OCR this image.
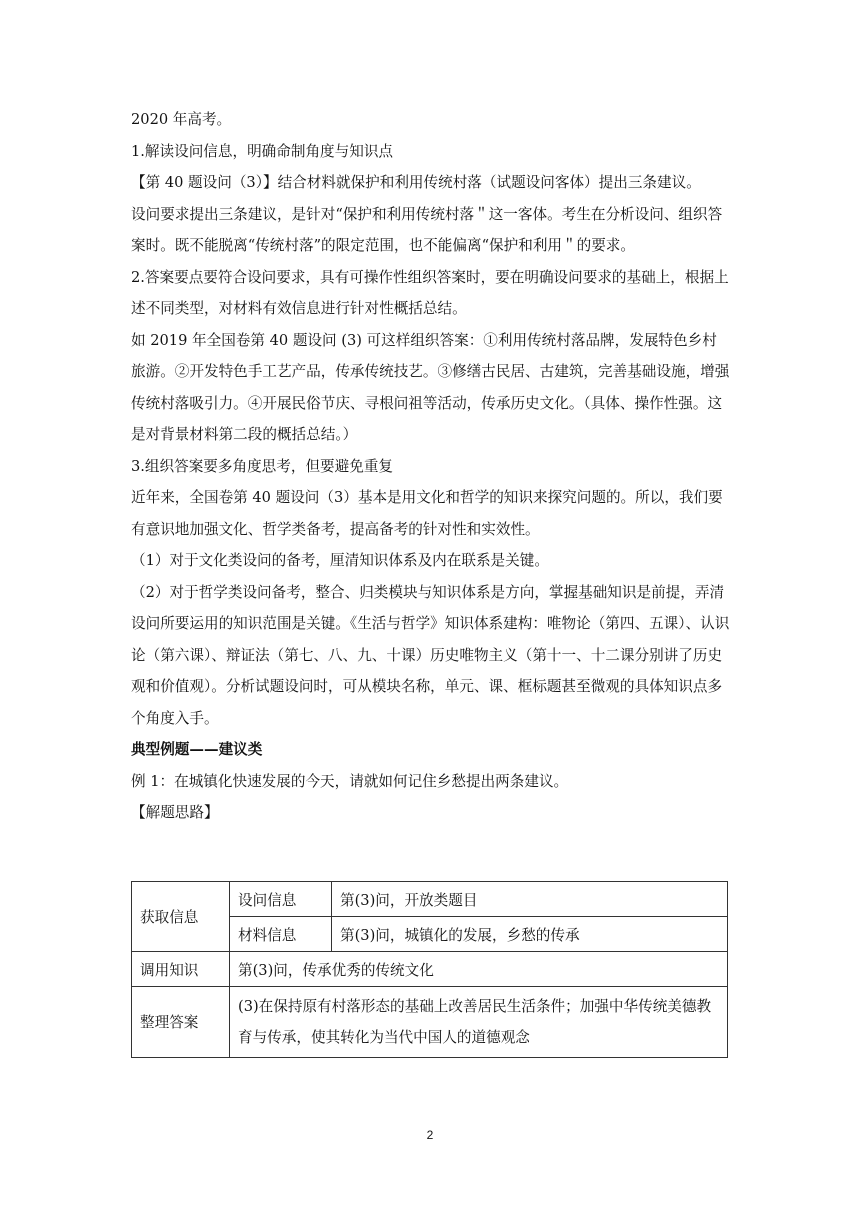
2020 年高考。

1.解读设问信息，明确命制角度与知识点

【第 40 题设问（3）】结合材料就保护和利用传统村落（试题设问客体）提出三条建议。

设问要求提出三条建议，是针对“保护和利用传统村落＂这一客体。考生在分析设问、组织答案时。既不能脱离“传统村落”的限定范围，也不能偏离“保护和利用＂的要求。

2.答案要点要符合设问要求，具有可操作性组织答案时，要在明确设问要求的基础上，根据上述不同类型，对材料有效信息进行针对性概括总结。

如 2019 年全国卷第 40 题设问 (3) 可这样组织答案：①利用传统村落品牌，发展特色乡村旅游。②开发特色手工艺产品，传承传统技艺。③修缮古民居、古建筑，完善基础设施，增强传统村落吸引力。④开展民俗节庆、寻根问祖等活动，传承历史文化。（具体、操作性强。这是对背景材料第二段的概括总结。）

3.组织答案要多角度思考，但要避免重复

近年来，全国卷第 40 题设问（3）基本是用文化和哲学的知识来探究问题的。所以，我们要有意识地加强文化、哲学类备考，提高备考的针对性和实效性。

（1）对于文化类设问的备考，厘清知识体系及内在联系是关键。

（2）对于哲学类设问备考，整合、归类模块与知识体系是方向，掌握基础知识是前提，弄清设问所要运用的知识范围是关键。《生活与哲学》知识体系建构：唯物论（第四、五课）、认识论（第六课）、辩证法（第七、八、九、十课）历史唯物主义（第十一、十二课分别讲了历史观和价值观）。分析试题设问时，可从模块名称，单元、课、框标题甚至微观的具体知识点多个角度入手。

典型例题——建议类

例 1：在城镇化快速发展的今天，请就如何记住乡愁提出两条建议。

【解题思路】

获取信息	设问信息	第(3)问，开放类题目
	材料信息	第(3)问，城镇化的发展，乡愁的传承
调用知识	第(3)问，传承优秀的传统文化	
整理答案	(3)在保持原有村落形态的基础上改善居民生活条件；加强中华传统美德教育与传承，使其转化为当代中国人的道德观念	
2
